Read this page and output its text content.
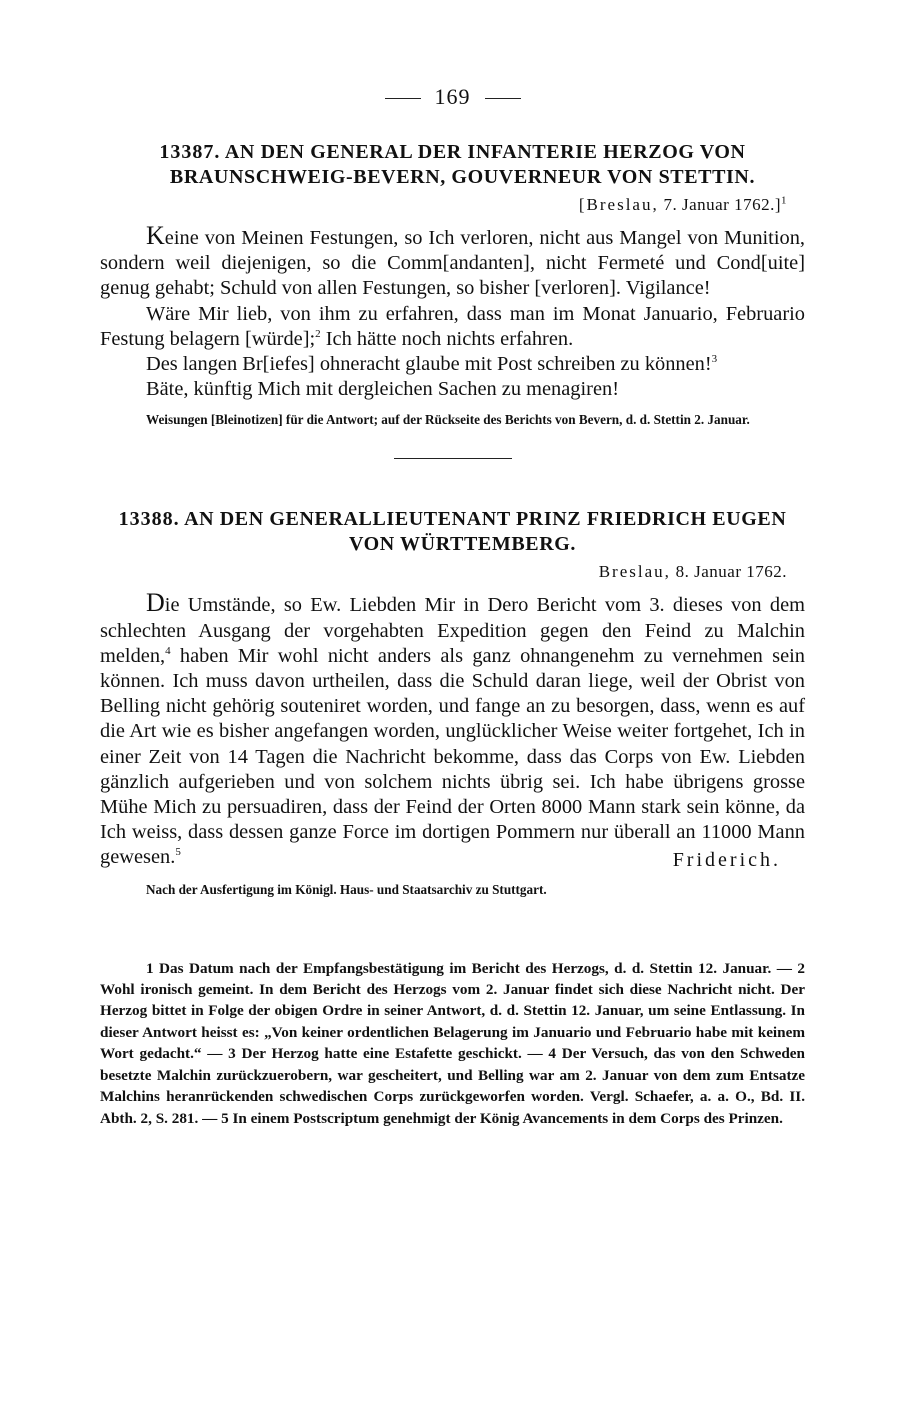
169
13387. AN DEN GENERAL DER INFANTERIE HERZOG VON BRAUNSCHWEIG-BEVERN, GOUVERNEUR VON STETTIN.
[Breslau, 7. Januar 1762.]$^1$

Keine von Meinen Festungen, so Ich verloren, nicht aus Mangel von Munition, sondern weil diejenigen, so die Comm[andanten], nicht Fermeté und Cond[uite] genug gehabt; Schuld von allen Festungen, so bisher [verloren]. Vigilance!

Wäre Mir lieb, von ihm zu erfahren, dass man im Monat Januario, Februario Festung belagern [würde];$^2$ Ich hätte noch nichts erfahren.

Des langen Br[iefes] ohneracht glaube mit Post schreiben zu können!$^3$

Bäte, künftig Mich mit dergleichen Sachen zu menagiren!

Weisungen [Bleinotizen] für die Antwort; auf der Rückseite des Berichts von Bevern, d. d. Stettin 2. Januar.

13388. AN DEN GENERALLIEUTENANT PRINZ FRIEDRICH EUGEN VON WÜRTTEMBERG.
Breslau, 8. Januar 1762.

Die Umstände, so Ew. Liebden Mir in Dero Bericht vom 3. dieses von dem schlechten Ausgang der vorgehabten Expedition gegen den Feind zu Malchin melden,$^4$ haben Mir wohl nicht anders als ganz ohnangenehm zu vernehmen sein können. Ich muss davon urtheilen, dass die Schuld daran liege, weil der Obrist von Belling nicht gehörig souteniret worden, und fange an zu besorgen, dass, wenn es auf die Art wie es bisher angefangen worden, unglücklicher Weise weiter fortgehet, Ich in einer Zeit von 14 Tagen die Nachricht bekomme, dass das Corps von Ew. Liebden gänzlich aufgerieben und von solchem nichts übrig sei. Ich habe übrigens grosse Mühe Mich zu persuadiren, dass der Feind der Orten 8000 Mann stark sein könne, da Ich weiss, dass dessen ganze Force im dortigen Pommern nur überall an 11000 Mann gewesen.$^5$	Friderich.

Nach der Ausfertigung im Königl. Haus- und Staatsarchiv zu Stuttgart.

1 Das Datum nach der Empfangsbestätigung im Bericht des Herzogs, d. d. Stettin 12. Januar. — 2 Wohl ironisch gemeint. In dem Bericht des Herzogs vom 2. Januar findet sich diese Nachricht nicht. Der Herzog bittet in Folge der obigen Ordre in seiner Antwort, d. d. Stettin 12. Januar, um seine Entlassung. In dieser Antwort heisst es: „Von keiner ordentlichen Belagerung im Januario und Februario habe mit keinem Wort gedacht.“ — 3 Der Herzog hatte eine Estafette geschickt. — 4 Der Versuch, das von den Schweden besetzte Malchin zurückzuerobern, war gescheitert, und Belling war am 2. Januar von dem zum Entsatze Malchins heranrückenden schwedischen Corps zurückgeworfen worden. Vergl. Schaefer, a. a. O., Bd. II. Abth. 2, S. 281. — 5 In einem Postscriptum genehmigt der König Avancements in dem Corps des Prinzen.
